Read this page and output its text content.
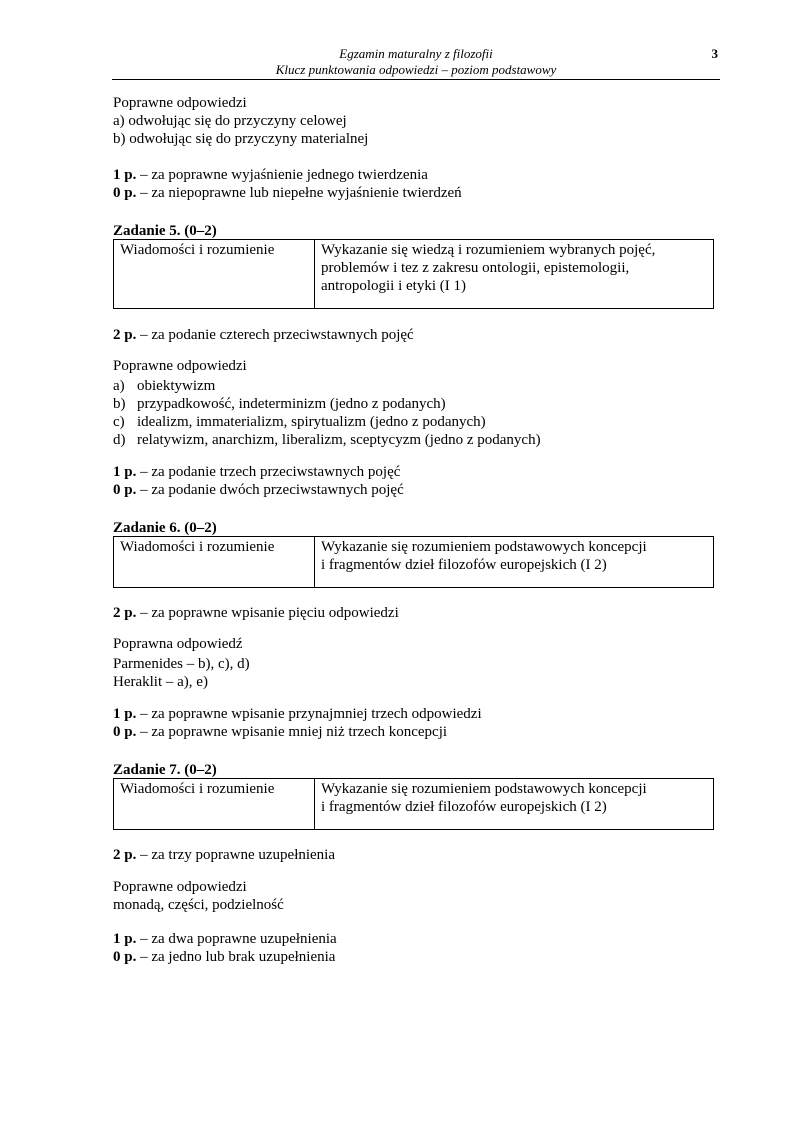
Egzamin maturalny z filozofii
Klucz punktowania odpowiedzi – poziom podstawowy
3
Poprawne odpowiedzi
a) odwołując się do przyczyny celowej
b) odwołując się do przyczyny materialnej
1 p. – za poprawne wyjaśnienie jednego twierdzenia
0 p. – za niepoprawne lub niepełne wyjaśnienie twierdzeń
Zadanie 5. (0–2)
Wiadomości i rozumienie	Wykazanie się wiedzą i rozumieniem wybranych pojęć,
problemów i tez z zakresu ontologii, epistemologii,
antropologii i etyki (I 1)
2 p. – za podanie czterech przeciwstawnych pojęć
Poprawne odpowiedzi
a) obiektywizm
b) przypadkowość, indeterminizm (jedno z podanych)
c) idealizm, immaterializm, spirytualizm (jedno z podanych)
d) relatywizm, anarchizm, liberalizm, sceptycyzm (jedno z podanych)
1 p. – za podanie trzech przeciwstawnych pojęć
0 p. – za podanie dwóch przeciwstawnych pojęć
Zadanie 6. (0–2)
Wiadomości i rozumienie	Wykazanie się rozumieniem podstawowych koncepcji
i fragmentów dzieł filozofów europejskich (I 2)
2 p. – za poprawne wpisanie pięciu odpowiedzi
Poprawna odpowiedź
Parmenides – b), c), d)
Heraklit – a), e)
1 p. – za poprawne wpisanie przynajmniej trzech odpowiedzi
0 p. – za poprawne wpisanie mniej niż trzech koncepcji
Zadanie 7. (0–2)
Wiadomości i rozumienie	Wykazanie się rozumieniem podstawowych koncepcji
i fragmentów dzieł filozofów europejskich (I 2)
2 p. – za trzy poprawne uzupełnienia
Poprawne odpowiedzi
monadą, części, podzielność
1 p. – za dwa poprawne uzupełnienia
0 p. – za jedno lub brak uzupełnienia
